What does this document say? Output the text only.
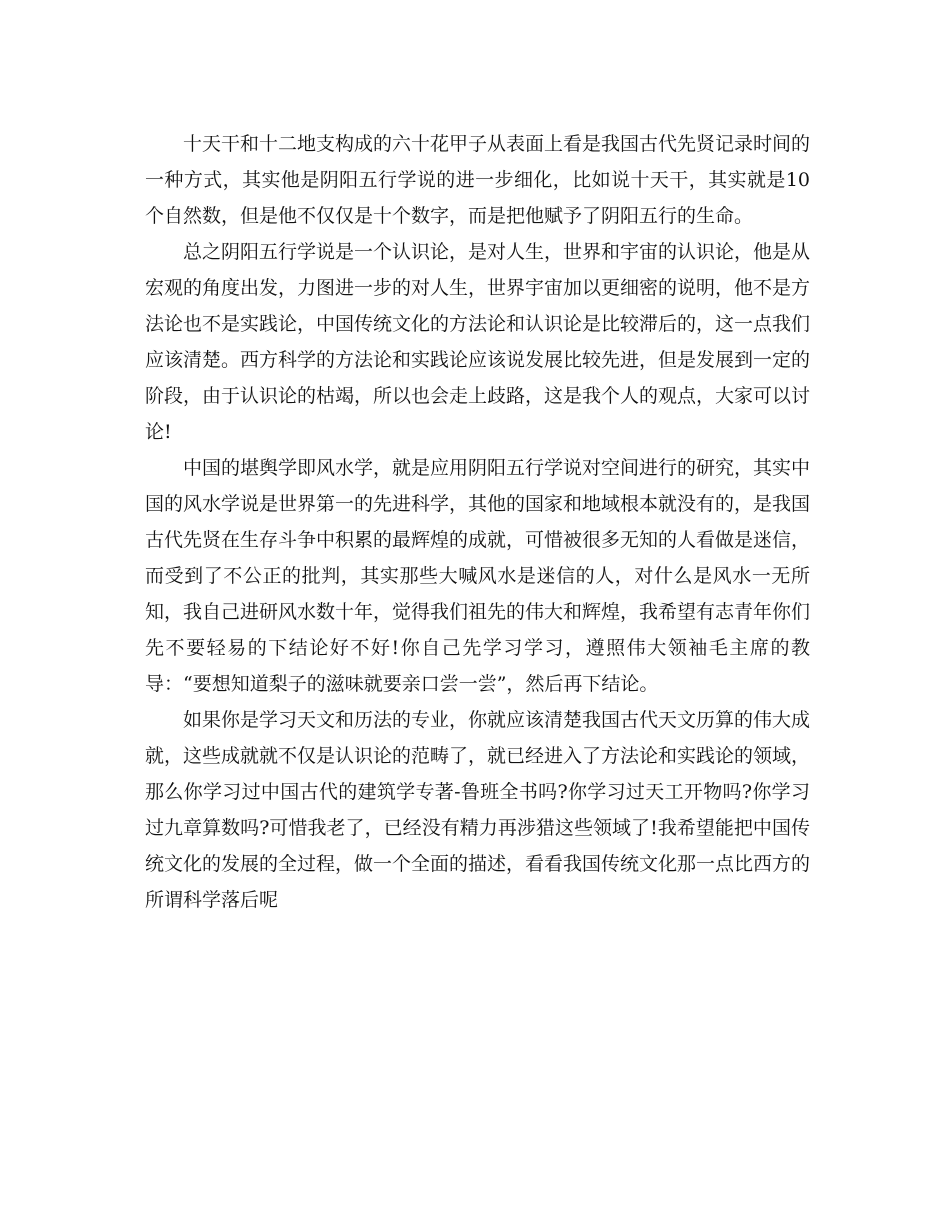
十天干和十二地支构成的六十花甲子从表面上看是我国古代先贤记录时间的一种方式，其实他是阴阳五行学说的进一步细化，比如说十天干，其实就是10个自然数，但是他不仅仅是十个数字，而是把他赋予了阴阳五行的生命。

总之阴阳五行学说是一个认识论，是对人生，世界和宇宙的认识论，他是从宏观的角度出发，力图进一步的对人生，世界宇宙加以更细密的说明，他不是方法论也不是实践论，中国传统文化的方法论和认识论是比较滞后的，这一点我们应该清楚。西方科学的方法论和实践论应该说发展比较先进，但是发展到一定的阶段，由于认识论的枯竭，所以也会走上歧路，这是我个人的观点，大家可以讨论!

中国的堪舆学即风水学，就是应用阴阳五行学说对空间进行的研究，其实中国的风水学说是世界第一的先进科学，其他的国家和地域根本就没有的，是我国古代先贤在生存斗争中积累的最辉煌的成就，可惜被很多无知的人看做是迷信，而受到了不公正的批判，其实那些大喊风水是迷信的人，对什么是风水一无所知，我自己进研风水数十年，觉得我们祖先的伟大和辉煌，我希望有志青年你们先不要轻易的下结论好不好!你自己先学习学习，遵照伟大领袖毛主席的教导：“要想知道梨子的滋味就要亲口尝一尝”，然后再下结论。

如果你是学习天文和历法的专业，你就应该清楚我国古代天文历算的伟大成就，这些成就就不仅是认识论的范畴了，就已经进入了方法论和实践论的领域，那么你学习过中国古代的建筑学专著-鲁班全书吗?你学习过天工开物吗?你学习过九章算数吗?可惜我老了，已经没有精力再涉猎这些领域了!我希望能把中国传统文化的发展的全过程，做一个全面的描述，看看我国传统文化那一点比西方的所谓科学落后呢
